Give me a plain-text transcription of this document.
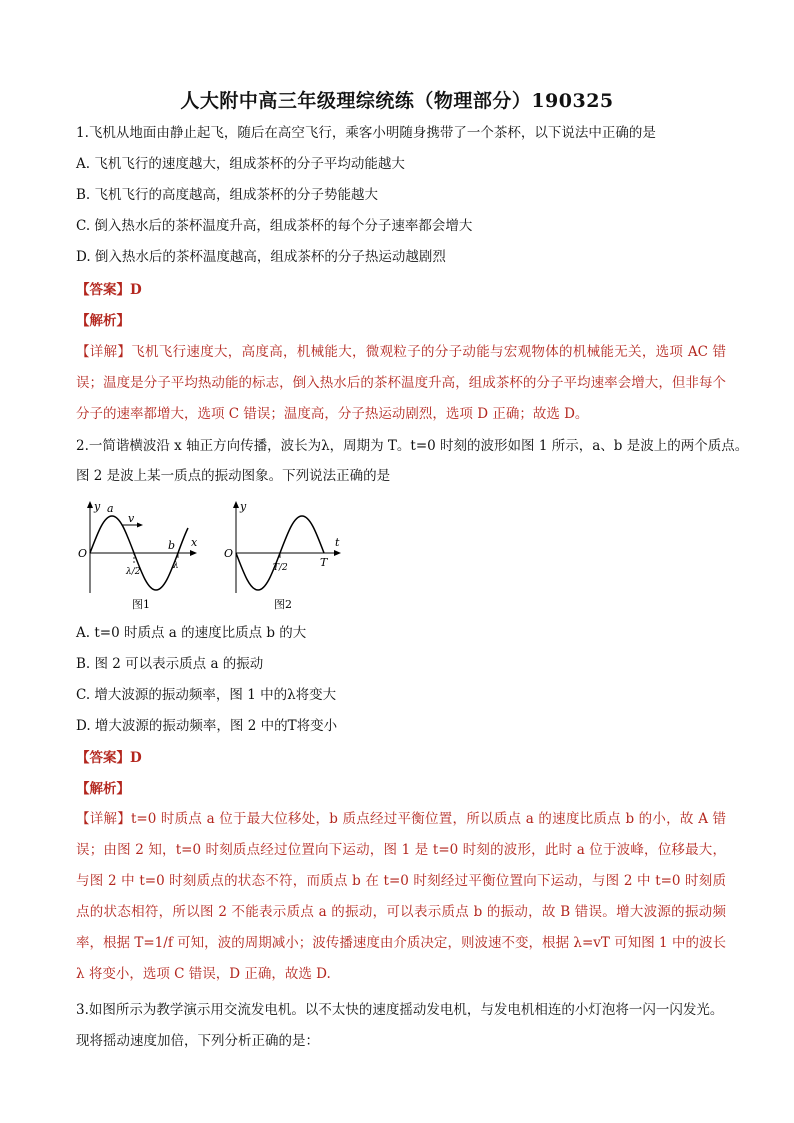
人大附中高三年级理综统练（物理部分）190325
1.飞机从地面由静止起飞，随后在高空飞行，乘客小明随身携带了一个茶杯，以下说法中正确的是
A. 飞机飞行的速度越大，组成茶杯的分子平均动能越大
B. 飞机飞行的高度越高，组成茶杯的分子势能越大
C. 倒入热水后的茶杯温度升高，组成茶杯的每个分子速率都会增大
D. 倒入热水后的茶杯温度越高，组成茶杯的分子热运动越剧烈
【答案】D
【解析】
【详解】飞机飞行速度大，高度高，机械能大，微观粒子的分子动能与宏观物体的机械能无关，选项 AC 错误；温度是分子平均热动能的标志，倒入热水后的茶杯温度升高，组成茶杯的分子平均速率会增大，但非每个分子的速率都增大，选项 C 错误；温度高，分子热运动剧烈，选项 D 正确；故选 D。
2.一简谐横波沿 x 轴正方向传播，波长为λ，周期为 T。t=0 时刻的波形如图 1 所示，a、b 是波上的两个质点。
图 2 是波上某一质点的振动图象。下列说法正确的是
y
x
O
a
b
v
λ/2
λ
图1
y
t
O
T/2	T
图2
A. t=0 时质点 a 的速度比质点 b 的大
B. 图 2 可以表示质点 a 的振动
C. 增大波源的振动频率，图 1 中的λ将变大
D. 增大波源的振动频率，图 2 中的T将变小
【答案】D
【解析】
【详解】t=0 时质点 a 位于最大位移处，b 质点经过平衡位置，所以质点 a 的速度比质点 b 的小，故 A 错误；由图 2 知，t=0 时刻质点经过位置向下运动，图 1 是 t=0 时刻的波形，此时 a 位于波峰，位移最大，与图 2 中 t=0 时刻质点的状态不符，而质点 b 在 t=0 时刻经过平衡位置向下运动，与图 2 中 t=0 时刻质点的状态相符，所以图 2 不能表示质点 a 的振动，可以表示质点 b 的振动，故 B 错误。增大波源的振动频率，根据 T=1/f 可知，波的周期减小；波传播速度由介质决定，则波速不变，根据 λ=vT 可知图 1 中的波长 λ 将变小，选项 C 错误，D 正确，故选 D.
3.如图所示为教学演示用交流发电机。以不太快的速度摇动发电机，与发电机相连的小灯泡将一闪一闪发光。
现将摇动速度加倍，下列分析正确的是：
